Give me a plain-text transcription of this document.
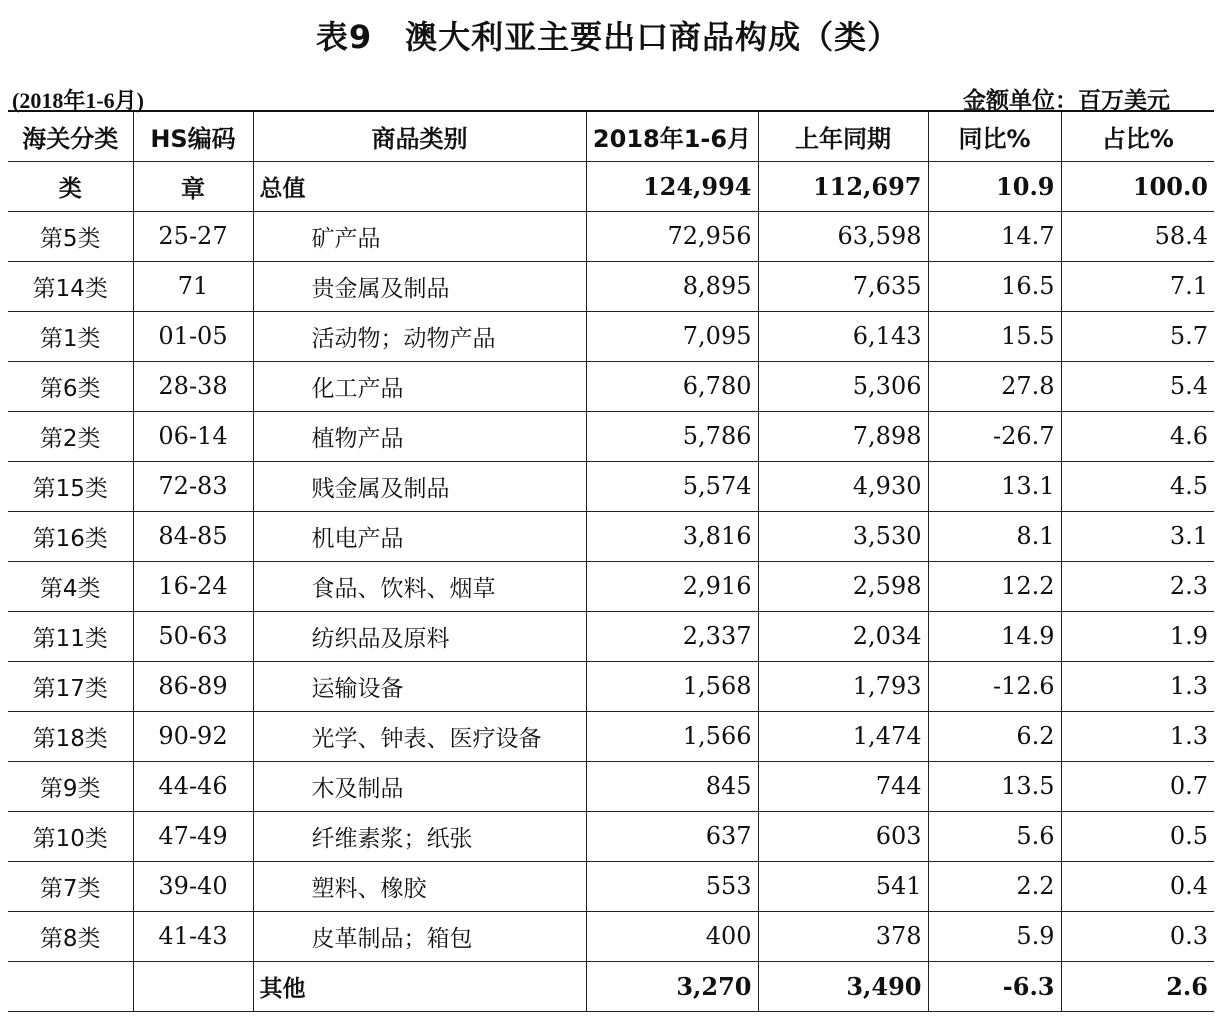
表9　澳大利亚主要出口商品构成（类）
(2018年1-6月)	金额单位：百万美元
海关分类	HS编码	商品类别	2018年1-6月	上年同期	同比%	占比%
类	章	总值	124,994	112,697	10.9	100.0
第5类	25-27	矿产品	72,956	63,598	14.7	58.4
第14类	71	贵金属及制品	8,895	7,635	16.5	7.1
第1类	01-05	活动物；动物产品	7,095	6,143	15.5	5.7
第6类	28-38	化工产品	6,780	5,306	27.8	5.4
第2类	06-14	植物产品	5,786	7,898	-26.7	4.6
第15类	72-83	贱金属及制品	5,574	4,930	13.1	4.5
第16类	84-85	机电产品	3,816	3,530	8.1	3.1
第4类	16-24	食品、饮料、烟草	2,916	2,598	12.2	2.3
第11类	50-63	纺织品及原料	2,337	2,034	14.9	1.9
第17类	86-89	运输设备	1,568	1,793	-12.6	1.3
第18类	90-92	光学、钟表、医疗设备	1,566	1,474	6.2	1.3
第9类	44-46	木及制品	845	744	13.5	0.7
第10类	47-49	纤维素浆；纸张	637	603	5.6	0.5
第7类	39-40	塑料、橡胶	553	541	2.2	0.4
第8类	41-43	皮革制品；箱包	400	378	5.9	0.3
		其他	3,270	3,490	-6.3	2.6
